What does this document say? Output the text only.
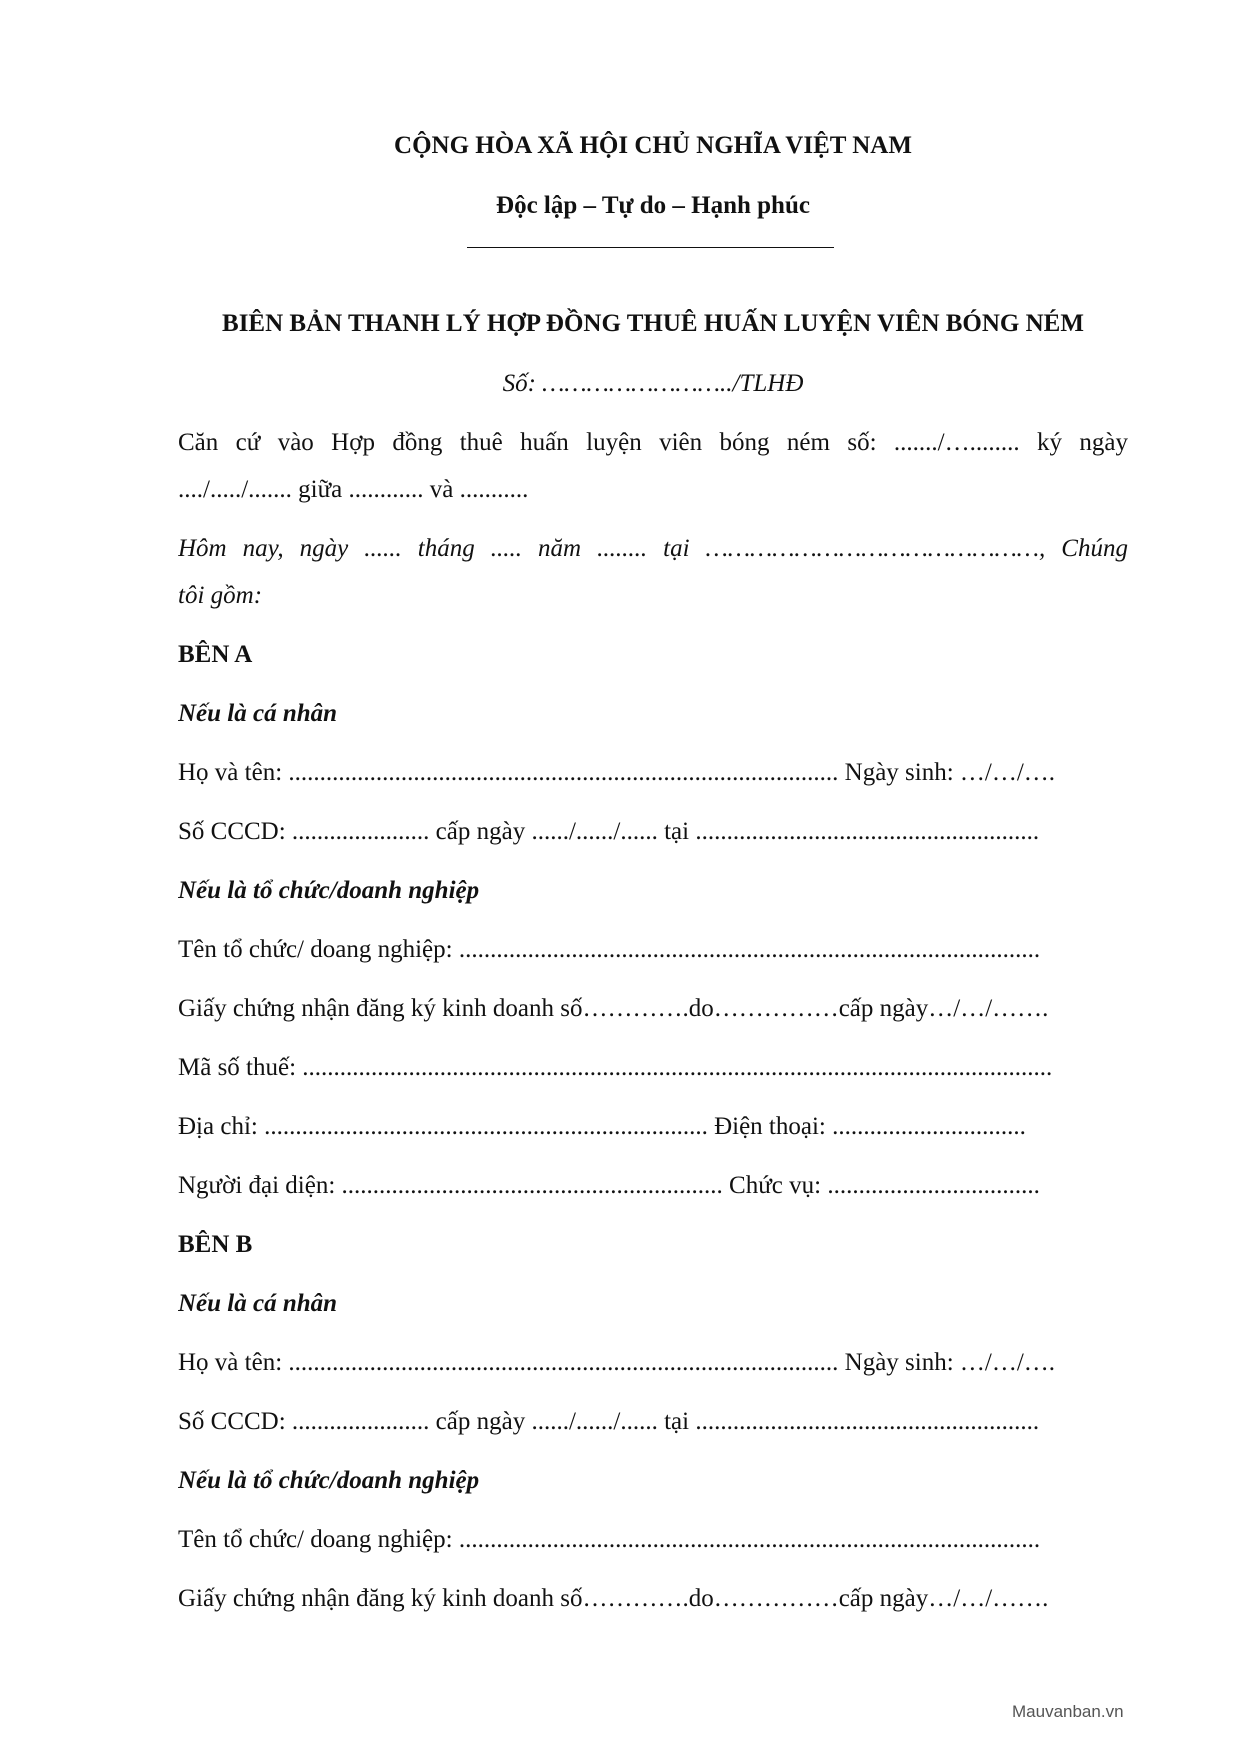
CỘNG HÒA XÃ HỘI CHỦ NGHĨA VIỆT NAM
Độc lập – Tự do – Hạnh phúc
BIÊN BẢN THANH LÝ HỢP ĐỒNG THUÊ HUẤN LUYỆN VIÊN BÓNG NÉM
Số: ……………………../TLHĐ
Căn cứ vào Hợp đồng thuê huấn luyện viên bóng ném số: ......./…........ ký ngày
..../...../....... giữa ............ và ...........
Hôm nay, ngày ...... tháng ..... năm ........ tại ………………………………………, Chúng
tôi gồm:
BÊN A
Nếu là cá nhân
Họ và tên: ........................................................................................ Ngày sinh: …/…/….
Số CCCD: ...................... cấp ngày ....../....../...... tại .......................................................
Nếu là tổ chức/doanh nghiệp
Tên tổ chức/ doang nghiệp: .............................................................................................
Giấy chứng nhận đăng ký kinh doanh số………….do……………cấp ngày…/…/…….
Mã số thuế: ........................................................................................................................
Địa chỉ: ....................................................................... Điện thoại: ...............................
Người đại diện: ............................................................. Chức vụ: ..................................
BÊN B
Nếu là cá nhân
Họ và tên: ........................................................................................ Ngày sinh: …/…/….
Số CCCD: ...................... cấp ngày ....../....../...... tại .......................................................
Nếu là tổ chức/doanh nghiệp
Tên tổ chức/ doang nghiệp: .............................................................................................
Giấy chứng nhận đăng ký kinh doanh số………….do……………cấp ngày…/…/…….
Mauvanban.vn
